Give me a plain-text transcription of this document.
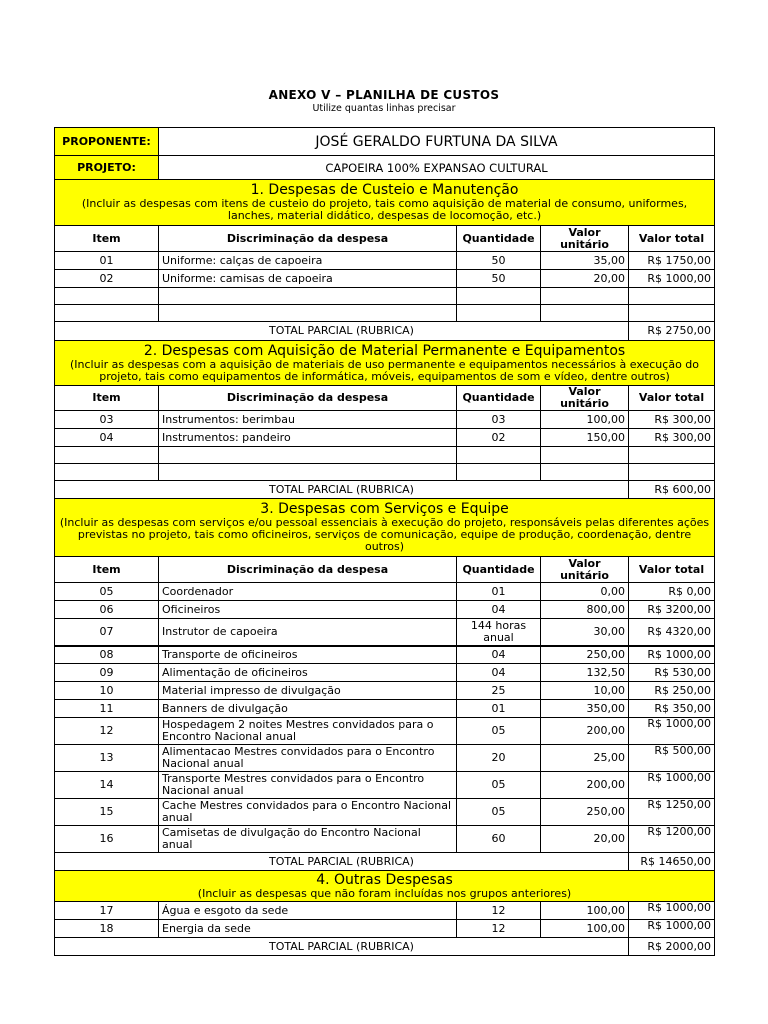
ANEXO V – PLANILHA DE CUSTOS
Utilize quantas linhas precisar
PROPONENTE:	JOSÉ GERALDO FURTUNA DA SILVA			
PROJETO:	CAPOEIRA 100% EXPANSAO CULTURAL			

1. Despesas de Custeio e Manutenção
(Incluir as despesas com itens de custeio do projeto, tais como aquisição de material de consumo, uniformes, lanches, material didático, despesas de locomoção, etc.)				

Item	Discriminação da despesa	Quantidade	Valor unitário	Valor total
01	Uniforme: calças de capoeira	50	35,00	R$ 1750,00
02	Uniforme: camisas de capoeira	50	20,00	R$ 1000,00

TOTAL PARCIAL (RUBRICA)				R$ 2750,00

2. Despesas com Aquisição de Material Permanente e Equipamentos
(Incluir as despesas com a aquisição de materiais de uso permanente e equipamentos necessários à execução do projeto, tais como equipamentos de informática, móveis, equipamentos de som e vídeo, dentre outros)				

Item	Discriminação da despesa	Quantidade	Valor unitário	Valor total
03	Instrumentos: berimbau	03	100,00	R$ 300,00
04	Instrumentos: pandeiro	02	150,00	R$ 300,00

TOTAL PARCIAL (RUBRICA)				R$ 600,00

3. Despesas com Serviços e Equipe
(Incluir as despesas com serviços e/ou pessoal essenciais à execução do projeto, responsáveis pelas diferentes ações previstas no projeto, tais como oficineiros, serviços de comunicação, equipe de produção, coordenação, dentre outros)				

Item	Discriminação da despesa	Quantidade	Valor unitário	Valor total
05	Coordenador	01	0,00	R$ 0,00
06	Oficineiros	04	800,00	R$ 3200,00
07	Instrutor de capoeira	144 horas anual	30,00	R$ 4320,00
08	Transporte de oficineiros	04	250,00	R$ 1000,00
09	Alimentação de oficineiros	04	132,50	R$ 530,00
10	Material impresso de divulgação	25	10,00	R$ 250,00
11	Banners de divulgação	01	350,00	R$ 350,00
12	Hospedagem 2 noites Mestres convidados para o Encontro Nacional anual	05	200,00	R$ 1000,00
13	Alimentacao Mestres convidados para o Encontro Nacional anual	20	25,00	R$ 500,00
14	Transporte Mestres convidados para o Encontro Nacional anual	05	200,00	R$ 1000,00
15	Cache Mestres convidados para o Encontro Nacional anual	05	250,00	R$ 1250,00
16	Camisetas de divulgação do Encontro Nacional anual	60	20,00	R$ 1200,00
TOTAL PARCIAL (RUBRICA)				R$ 14650,00

4. Outras Despesas
(Incluir as despesas que não foram incluídas nos grupos anteriores)				

17	Água e esgoto da sede	12	100,00	R$ 1000,00
18	Energia da sede	12	100,00	R$ 1000,00
TOTAL PARCIAL (RUBRICA)				R$ 2000,00
